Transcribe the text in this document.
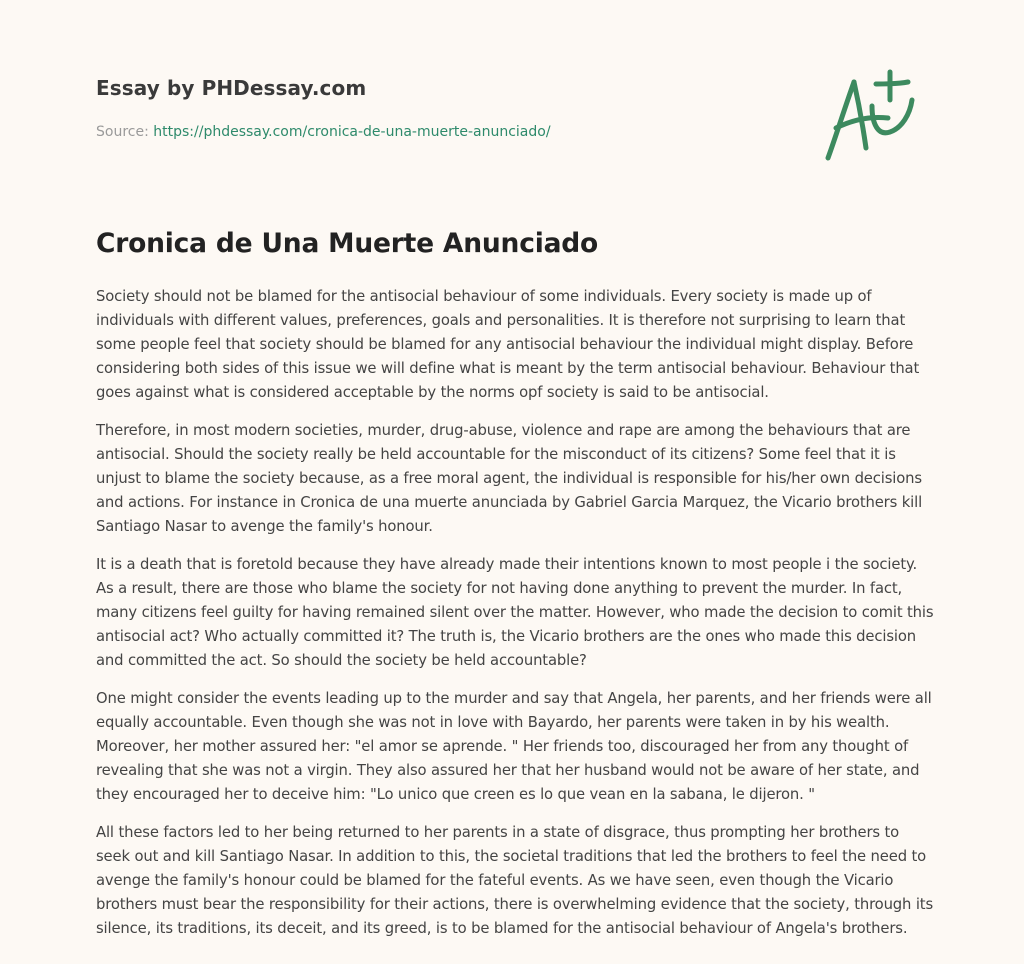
Essay by PHDessay.com
Source: https://phdessay.com/cronica-de-una-muerte-anunciado/
Cronica de Una Muerte Anunciado

Society should not be blamed for the antisocial behaviour of some individuals. Every society is made up of individuals with different values, preferences, goals and personalities. It is therefore not surprising to learn that some people feel that society should be blamed for any antisocial behaviour the individual might display. Before considering both sides of this issue we will define what is meant by the term antisocial behaviour. Behaviour that goes against what is considered acceptable by the norms opf society is said to be antisocial.

Therefore, in most modern societies, murder, drug-abuse, violence and rape are among the behaviours that are antisocial. Should the society really be held accountable for the misconduct of its citizens? Some feel that it is unjust to blame the society because, as a free moral agent, the individual is responsible for his/her own decisions and actions. For instance in Cronica de una muerte anunciada by Gabriel Garcia Marquez, the Vicario brothers kill Santiago Nasar to avenge the family's honour.

It is a death that is foretold because they have already made their intentions known to most people i the society. As a result, there are those who blame the society for not having done anything to prevent the murder. In fact, many citizens feel guilty for having remained silent over the matter. However, who made the decision to comit this antisocial act? Who actually committed it? The truth is, the Vicario brothers are the ones who made this decision and committed the act. So should the society be held accountable?

One might consider the events leading up to the murder and say that Angela, her parents, and her friends were all equally accountable. Even though she was not in love with Bayardo, her parents were taken in by his wealth. Moreover, her mother assured her: "el amor se aprende. " Her friends too, discouraged her from any thought of revealing that she was not a virgin. They also assured her that her husband would not be aware of her state, and they encouraged her to deceive him: "Lo unico que creen es lo que vean en la sabana, le dijeron. "

All these factors led to her being returned to her parents in a state of disgrace, thus prompting her brothers to seek out and kill Santiago Nasar. In addition to this, the societal traditions that led the brothers to feel the need to avenge the family's honour could be blamed for the fateful events. As we have seen, even though the Vicario brothers must bear the responsibility for their actions, there is overwhelming evidence that the society, through its silence, its traditions, its deceit, and its greed, is to be blamed for the antisocial behaviour of Angela's brothers.
